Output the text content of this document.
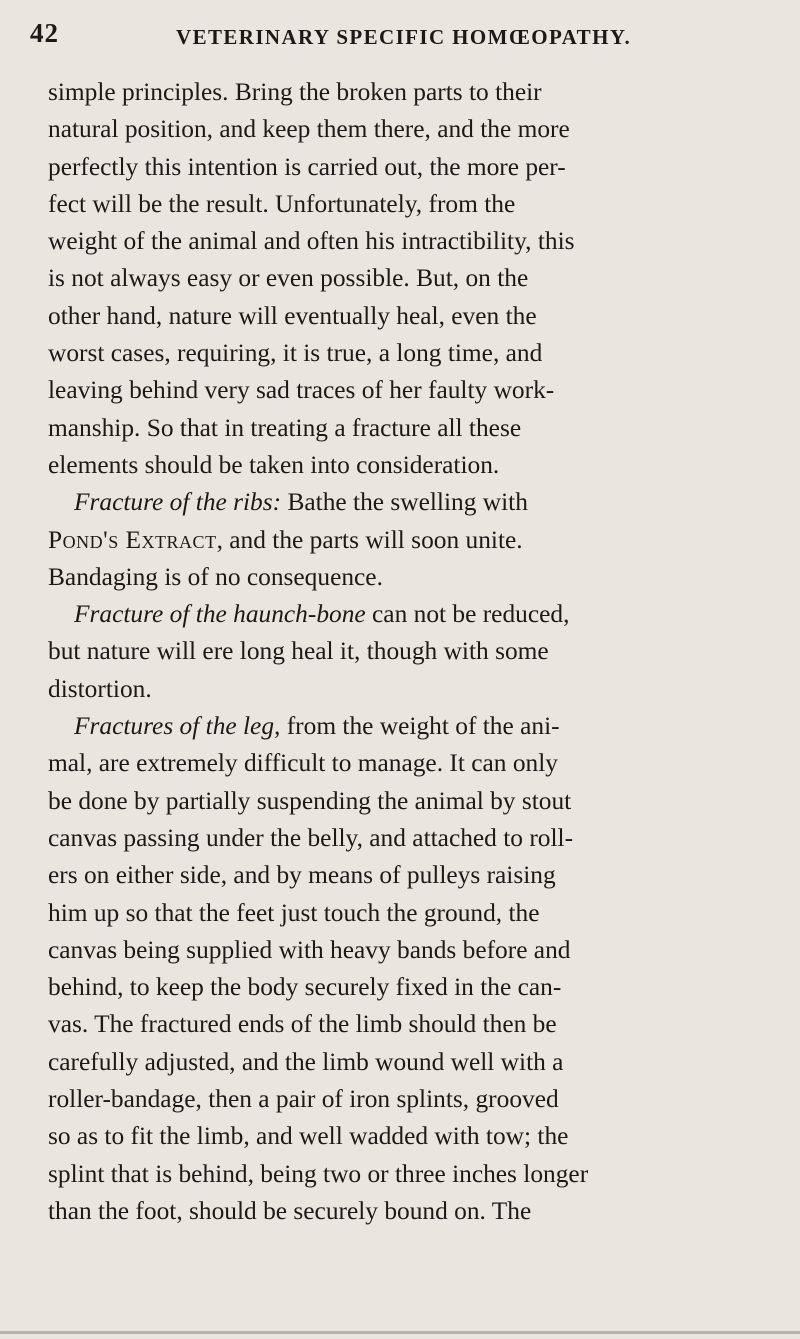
42	VETERINARY SPECIFIC HOMŒOPATHY.
simple principles. Bring the broken parts to their
natural position, and keep them there, and the more
perfectly this intention is carried out, the more per-
fect will be the result. Unfortunately, from the
weight of the animal and often his intractibility, this
is not always easy or even possible. But, on the
other hand, nature will eventually heal, even the
worst cases, requiring, it is true, a long time, and
leaving behind very sad traces of her faulty work-
manship. So that in treating a fracture all these
elements should be taken into consideration.
Fracture of the ribs: Bathe the swelling with
Pond's Extract, and the parts will soon unite.
Bandaging is of no consequence.
Fracture of the haunch-bone can not be reduced,
but nature will ere long heal it, though with some
distortion.
Fractures of the leg, from the weight of the ani-
mal, are extremely difficult to manage. It can only
be done by partially suspending the animal by stout
canvas passing under the belly, and attached to roll-
ers on either side, and by means of pulleys raising
him up so that the feet just touch the ground, the
canvas being supplied with heavy bands before and
behind, to keep the body securely fixed in the can-
vas. The fractured ends of the limb should then be
carefully adjusted, and the limb wound well with a
roller-bandage, then a pair of iron splints, grooved
so as to fit the limb, and well wadded with tow; the
splint that is behind, being two or three inches longer
than the foot, should be securely bound on. The
